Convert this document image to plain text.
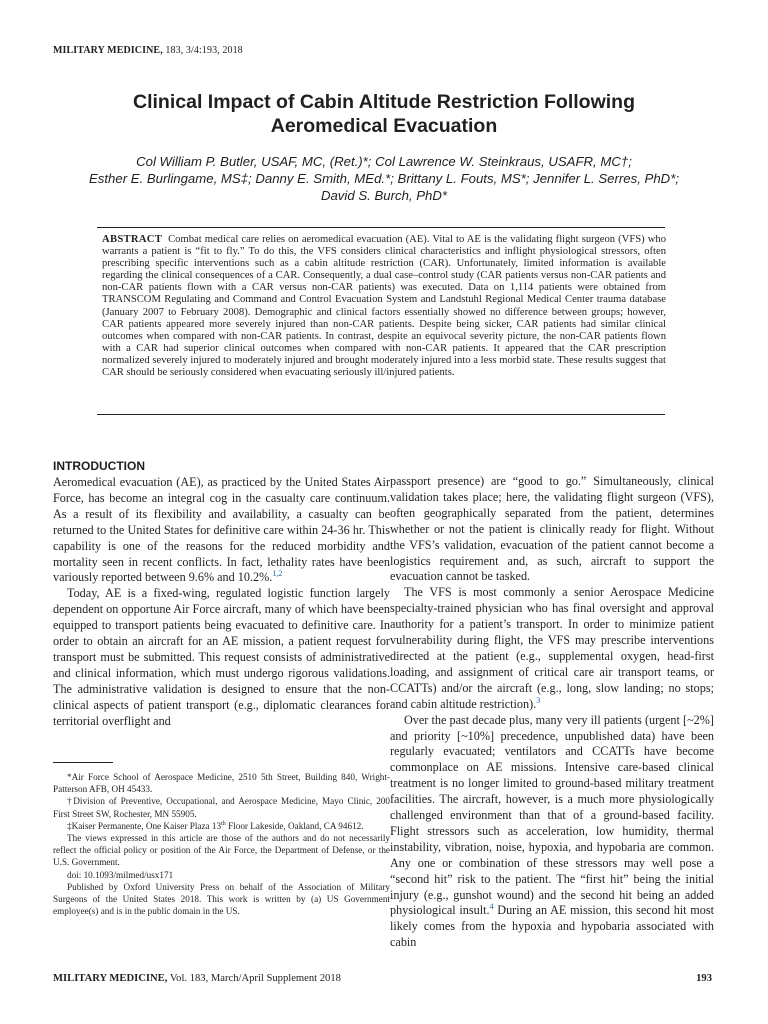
MILITARY MEDICINE, 183, 3/4:193, 2018
Clinical Impact of Cabin Altitude Restriction Following
Aeromedical Evacuation
Col William P. Butler, USAF, MC, (Ret.)*; Col Lawrence W. Steinkraus, USAFR, MC†;
Esther E. Burlingame, MS‡; Danny E. Smith, MEd.*; Brittany L. Fouts, MS*; Jennifer L. Serres, PhD*;
David S. Burch, PhD*
ABSTRACT Combat medical care relies on aeromedical evacuation (AE). Vital to AE is the validating flight surgeon (VFS) who warrants a patient is “fit to fly.” To do this, the VFS considers clinical characteristics and inflight physiological stressors, often prescribing specific interventions such as a cabin altitude restriction (CAR). Unfortunately, limited information is available regarding the clinical consequences of a CAR. Consequently, a dual case–control study (CAR patients versus non-CAR patients and non-CAR patients flown with a CAR versus non-CAR patients) was executed. Data on 1,114 patients were obtained from TRANSCOM Regulating and Command and Control Evacuation System and Landstuhl Regional Medical Center trauma database (January 2007 to February 2008). Demographic and clinical factors essentially showed no difference between groups; however, CAR patients appeared more severely injured than non-CAR patients. Despite being sicker, CAR patients had similar clinical outcomes when compared with non-CAR patients. In contrast, despite an equivocal severity picture, the non-CAR patients flown with a CAR had superior clinical outcomes when compared with non-CAR patients. It appeared that the CAR prescription normalized severely injured to moderately injured and brought moderately injured into a less morbid state. These results suggest that CAR should be seriously considered when evacuating seriously ill/injured patients.
INTRODUCTION

Aeromedical evacuation (AE), as practiced by the United States Air Force, has become an integral cog in the casualty care continuum. As a result of its flexibility and availability, a casualty can be returned to the United States for definitive care within 24-36 hr. This capability is one of the reasons for the reduced morbidity and mortality seen in recent conflicts. In fact, lethality rates have been variously reported between 9.6% and 10.2%.$^{1,2}$

Today, AE is a fixed-wing, regulated logistic function largely dependent on opportune Air Force aircraft, many of which have been equipped to transport patients being evacuated to definitive care. In order to obtain an aircraft for an AE mission, a patient request for transport must be submitted. This request consists of administrative and clinical information, which must undergo rigorous validations. The administrative validation is designed to ensure that the non-clinical aspects of patient transport (e.g., diplomatic clearances for territorial overflight and

passport presence) are “good to go.” Simultaneously, clinical validation takes place; here, the validating flight surgeon (VFS), often geographically separated from the patient, determines whether or not the patient is clinically ready for flight. Without the VFS’s validation, evacuation of the patient cannot become a logistics requirement and, as such, aircraft to support the evacuation cannot be tasked.

The VFS is most commonly a senior Aerospace Medicine specialty-trained physician who has final oversight and approval authority for a patient’s transport. In order to minimize patient vulnerability during flight, the VFS may prescribe interventions directed at the patient (e.g., supplemental oxygen, head-first loading, and assignment of critical care air transport teams, or CCATTs) and/or the aircraft (e.g., long, slow landing; no stops; and cabin altitude restriction).$^3$

Over the past decade plus, many very ill patients (urgent [~2%] and priority [~10%] precedence, unpublished data) have been regularly evacuated; ventilators and CCATTs have become commonplace on AE missions. Intensive care-based clinical treatment is no longer limited to ground-based military treatment facilities. The aircraft, however, is a much more physiologically challenged environment than that of a ground-based facility. Flight stressors such as acceleration, low humidity, thermal instability, vibration, noise, hypoxia, and hypobaria are common. Any one or combination of these stressors may well pose a “second hit” risk to the patient. The “first hit” being the initial injury (e.g., gunshot wound) and the second hit being an added physiological insult.$^4$ During an AE mission, this second hit most likely comes from the hypoxia and hypobaria associated with cabin

*Air Force School of Aerospace Medicine, 2510 5th Street, Building 840, Wright-Patterson AFB, OH 45433.

†Division of Preventive, Occupational, and Aerospace Medicine, Mayo Clinic, 200 First Street SW, Rochester, MN 55905.

‡Kaiser Permanente, One Kaiser Plaza 13th Floor Lakeside, Oakland, CA 94612.

The views expressed in this article are those of the authors and do not necessarily reflect the official policy or position of the Air Force, the Department of Defense, or the U.S. Government.

doi: 10.1093/milmed/usx171

Published by Oxford University Press on behalf of the Association of Military Surgeons of the United States 2018. This work is written by (a) US Government employee(s) and is in the public domain in the US.

MILITARY MEDICINE, Vol. 183, March/April Supplement 2018	193
